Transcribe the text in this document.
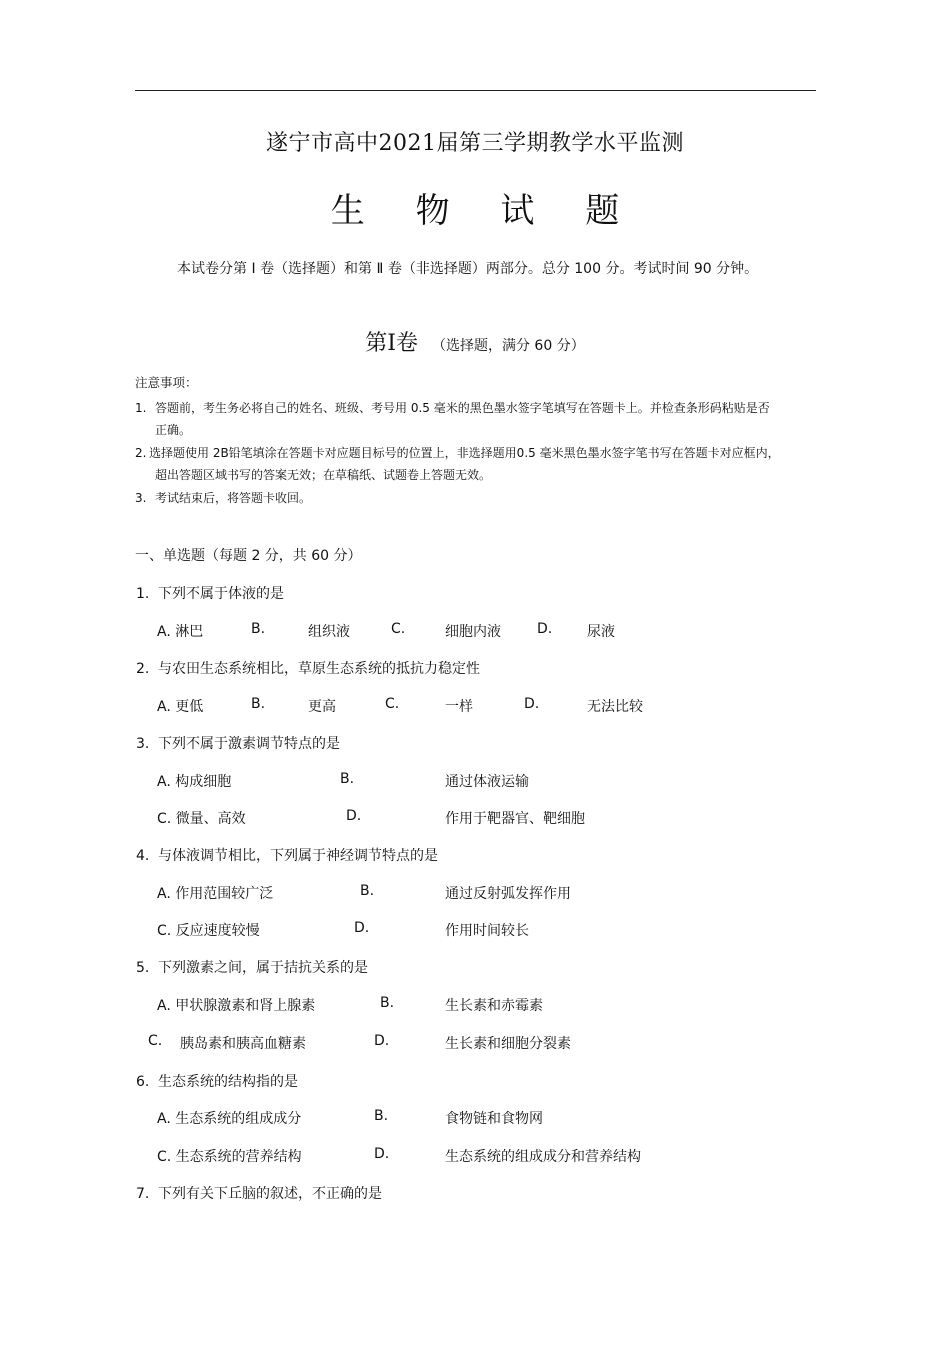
遂宁市高中2021届第三学期教学水平监测
生 物 试 题
本试卷分第 Ⅰ 卷（选择题）和第 Ⅱ 卷（非选择题）两部分。总分 100 分。考试时间 90 分钟。
第Ⅰ卷 （选择题，满分 60 分）
注意事项：
1. 答题前，考生务必将自己的姓名、班级、考号用 0.5 毫米的黑色墨水签字笔填写在答题卡上。并检查条形码粘贴是否
正确。
2. 选择题使用 2B铅笔填涂在答题卡对应题目标号的位置上，非选择题用0.5 毫米黑色墨水签字笔书写在答题卡对应框内，
超出答题区域书写的答案无效；在草稿纸、试题卷上答题无效。
3. 考试结束后，将答题卡收回。
一、单选题（每题 2 分，共 60 分）
1. 下列不属于体液的是
A. 淋巴	B.	组织液	C.	细胞内液	D. 尿液
2. 与农田生态系统相比，草原生态系统的抵抗力稳定性
A. 更低	B.	更高	C.	一样	D.	无法比较
3. 下列不属于激素调节特点的是
A. 构成细胞	B.	通过体液运输
C. 微量、高效	D.	作用于靶器官、靶细胞
4. 与体液调节相比，下列属于神经调节特点的是
A. 作用范围较广泛	B.	通过反射弧发挥作用
C. 反应速度较慢	D.	作用时间较长
5. 下列激素之间，属于拮抗关系的是
A. 甲状腺激素和肾上腺素	B.	生长素和赤霉素
C. 胰岛素和胰高血糖素	D.	生长素和细胞分裂素
6. 生态系统的结构指的是
A. 生态系统的组成成分	B.	食物链和食物网
C. 生态系统的营养结构	D.	生态系统的组成成分和营养结构
7. 下列有关下丘脑的叙述，不正确的是
